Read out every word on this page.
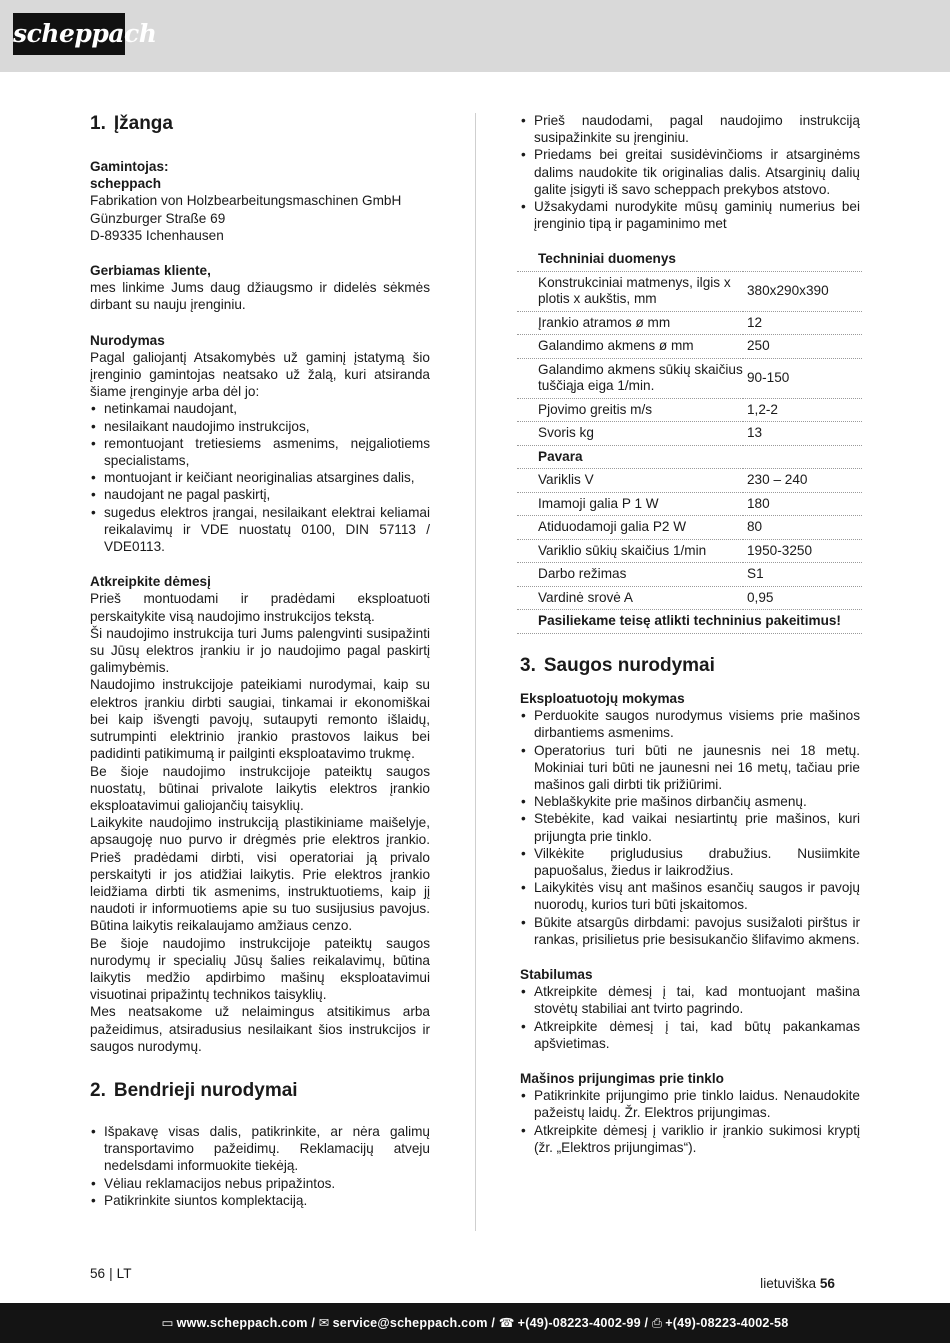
scheppach
1. Įžanga

Gamintojas:

scheppach

Fabrikation von Holzbearbeitungsmaschinen GmbH

Günzburger Straße 69

D-89335 Ichenhausen

Gerbiamas kliente,

mes linkime Jums daug džiaugsmo ir didelės sėkmės dirbant su nauju įrenginiu.

Nurodymas

Pagal galiojantį Atsakomybės už gaminį įstatymą šio įrenginio gamintojas neatsako už žalą, kuri atsiranda šiame įrenginyje arba dėl jo:

• netinkamai naudojant,
• nesilaikant naudojimo instrukcijos,
• remontuojant tretiesiems asmenims, neįgaliotiems specialistams,
• montuojant ir keičiant neoriginalias atsargines dalis,
• naudojant ne pagal paskirtį,
• sugedus elektros įrangai, nesilaikant elektrai keliamai reikalavimų ir VDE nuostatų 0100, DIN 57113 / VDE0113.

Atkreipkite dėmesį

Prieš montuodami ir pradėdami eksploatuoti perskaitykite visą naudojimo instrukcijos tekstą.

Ši naudojimo instrukcija turi Jums palengvinti susipažinti su Jūsų elektros įrankiu ir jo naudojimo pagal paskirtį galimybėmis.

Naudojimo instrukcijoje pateikiami nurodymai, kaip su elektros įrankiu dirbti saugiai, tinkamai ir ekonomiškai bei kaip išvengti pavojų, sutaupyti remonto išlaidų, sutrumpinti elektrinio įrankio prastovos laikus bei padidinti patikimumą ir pailginti eksploatavimo trukmę.

Be šioje naudojimo instrukcijoje pateiktų saugos nuostatų, būtinai privalote laikytis elektros įrankio eksploatavimui galiojančių taisyklių.

Laikykite naudojimo instrukciją plastikiniame maišelyje, apsaugoję nuo purvo ir drėgmės prie elektros įrankio. Prieš pradėdami dirbti, visi operatoriai ją privalo perskaityti ir jos atidžiai laikytis. Prie elektros įrankio leidžiama dirbti tik asmenims, instruktuotiems, kaip jį naudoti ir informuotiems apie su tuo susijusius pavojus. Būtina laikytis reikalaujamo amžiaus cenzo.

Be šioje naudojimo instrukcijoje pateiktų saugos nurodymų ir specialių Jūsų šalies reikalavimų, būtina laikytis medžio apdirbimo mašinų eksploatavimui visuotinai pripažintų technikos taisyklių.

Mes neatsakome už nelaimingus atsitikimus arba pažeidimus, atsiradusius nesilaikant šios instrukcijos ir saugos nurodymų.

2. Bendrieji nurodymai
• Išpakavę visas dalis, patikrinkite, ar nėra galimų transportavimo pažeidimų. Reklamacijų atveju nedelsdami informuokite tiekėją.
• Vėliau reklamacijos nebus pripažintos.
• Patikrinkite siuntos komplektaciją.
• Prieš naudodami, pagal naudojimo instrukciją susipažinkite su įrenginiu.
• Priedams bei greitai susidėvinčioms ir atsarginėms dalims naudokite tik originalias dalis. Atsarginių dalių galite įsigyti iš savo scheppach prekybos atstovo.
• Užsakydami nurodykite mūsų gaminių numerius bei įrenginio tipą ir pagaminimo met
Techniniai duomenys	
Konstrukciniai matmenys, ilgis x plotis x aukštis, mm	380x290x390
Įrankio atramos ø mm	12
Galandimo akmens ø mm	250
Galandimo akmens sūkių skaičius tuščiąja eiga 1/min.	90-150
Pjovimo greitis m/s	1,2-2
Svoris kg	13
Pavara	
Variklis V	230 – 240
Imamoji galia P 1 W	180
Atiduodamoji galia P2 W	80
Variklio sūkių skaičius 1/min	1950-3250
Darbo režimas	S1
Vardinė srovė A	0,95
Pasiliekame teisę atlikti techninius pakeitimus!	
3. Saugos nurodymai

Eksploatuotojų mokymas

• Perduokite saugos nurodymus visiems prie mašinos dirbantiems asmenims.
• Operatorius turi būti ne jaunesnis nei 18 metų. Mokiniai turi būti ne jaunesni nei 16 metų, tačiau prie mašinos gali dirbti tik prižiūrimi.
• Neblaškykite prie mašinos dirbančių asmenų.
• Stebėkite, kad vaikai nesiartintų prie mašinos, kuri prijungta prie tinklo.
• Vilkėkite prigludusius drabužius. Nusiimkite papuošalus, žiedus ir laikrodžius.
• Laikykitės visų ant mašinos esančių saugos ir pavojų nuorodų, kurios turi būti įskaitomos.
• Būkite atsargūs dirbdami: pavojus susižaloti pirštus ir rankas, prisilietus prie besisukančio šlifavimo akmens.

Stabilumas

• Atkreipkite dėmesį į tai, kad montuojant mašina stovėtų stabiliai ant tvirto pagrindo.
• Atkreipkite dėmesį į tai, kad būtų pakankamas apšvietimas.

Mašinos prijungimas prie tinklo

• Patikrinkite prijungimo prie tinklo laidus. Nenaudokite pažeistų laidų. Žr. Elektros prijungimas.
• Atkreipkite dėmesį į variklio ir įrankio sukimosi kryptį (žr. „Elektros prijungimas“).
56 | LT
lietuviška 56
▭ www.scheppach.com / ✉ service@scheppach.com / ☎ +(49)-08223-4002-99 / ⎙ +(49)-08223-4002-58
